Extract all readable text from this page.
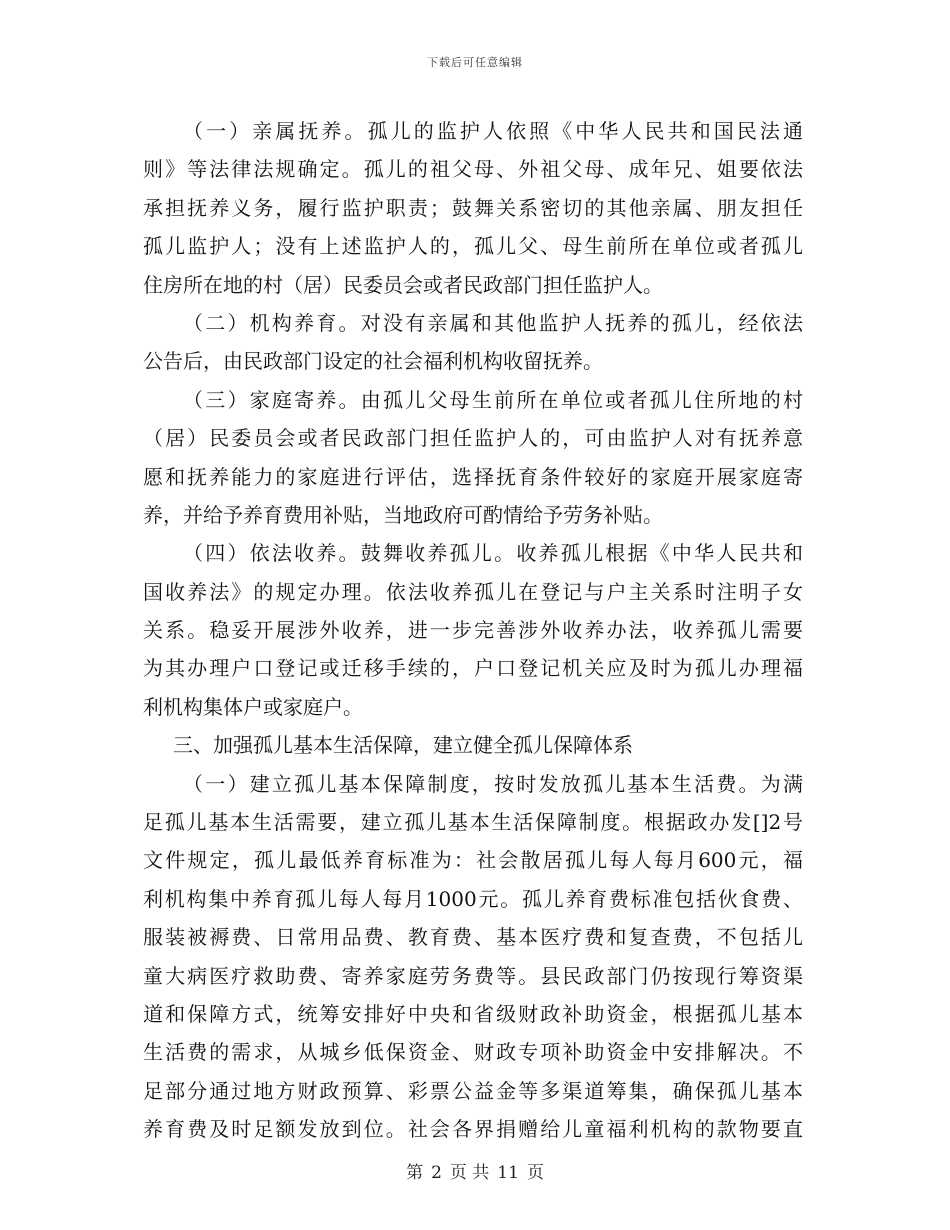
下载后可任意编辑
（一）亲属抚养。孤儿的监护人依照《中华人民共和国民法通
则》等法律法规确定。孤儿的祖父母、外祖父母、成年兄、姐要依法
承担抚养义务，履行监护职责；鼓舞关系密切的其他亲属、朋友担任
孤儿监护人；没有上述监护人的，孤儿父、母生前所在单位或者孤儿
住房所在地的村（居）民委员会或者民政部门担任监护人。
（二）机构养育。对没有亲属和其他监护人抚养的孤儿，经依法
公告后，由民政部门设定的社会福利机构收留抚养。
（三）家庭寄养。由孤儿父母生前所在单位或者孤儿住所地的村
（居）民委员会或者民政部门担任监护人的，可由监护人对有抚养意
愿和抚养能力的家庭进行评估，选择抚育条件较好的家庭开展家庭寄
养，并给予养育费用补贴，当地政府可酌情给予劳务补贴。
（四）依法收养。鼓舞收养孤儿。收养孤儿根据《中华人民共和
国收养法》的规定办理。依法收养孤儿在登记与户主关系时注明子女
关系。稳妥开展涉外收养，进一步完善涉外收养办法，收养孤儿需要
为其办理户口登记或迁移手续的，户口登记机关应及时为孤儿办理福
利机构集体户或家庭户。
三、加强孤儿基本生活保障，建立健全孤儿保障体系
（一）建立孤儿基本保障制度，按时发放孤儿基本生活费。为满
足孤儿基本生活需要，建立孤儿基本生活保障制度。根据政办发[]2号
文件规定，孤儿最低养育标准为：社会散居孤儿每人每月600元，福
利机构集中养育孤儿每人每月1000元。孤儿养育费标准包括伙食费、
服装被褥费、日常用品费、教育费、基本医疗费和复查费，不包括儿
童大病医疗救助费、寄养家庭劳务费等。县民政部门仍按现行筹资渠
道和保障方式，统筹安排好中央和省级财政补助资金，根据孤儿基本
生活费的需求，从城乡低保资金、财政专项补助资金中安排解决。不
足部分通过地方财政预算、彩票公益金等多渠道筹集，确保孤儿基本
养育费及时足额发放到位。社会各界捐赠给儿童福利机构的款物要直
第 2 页 共 11 页
